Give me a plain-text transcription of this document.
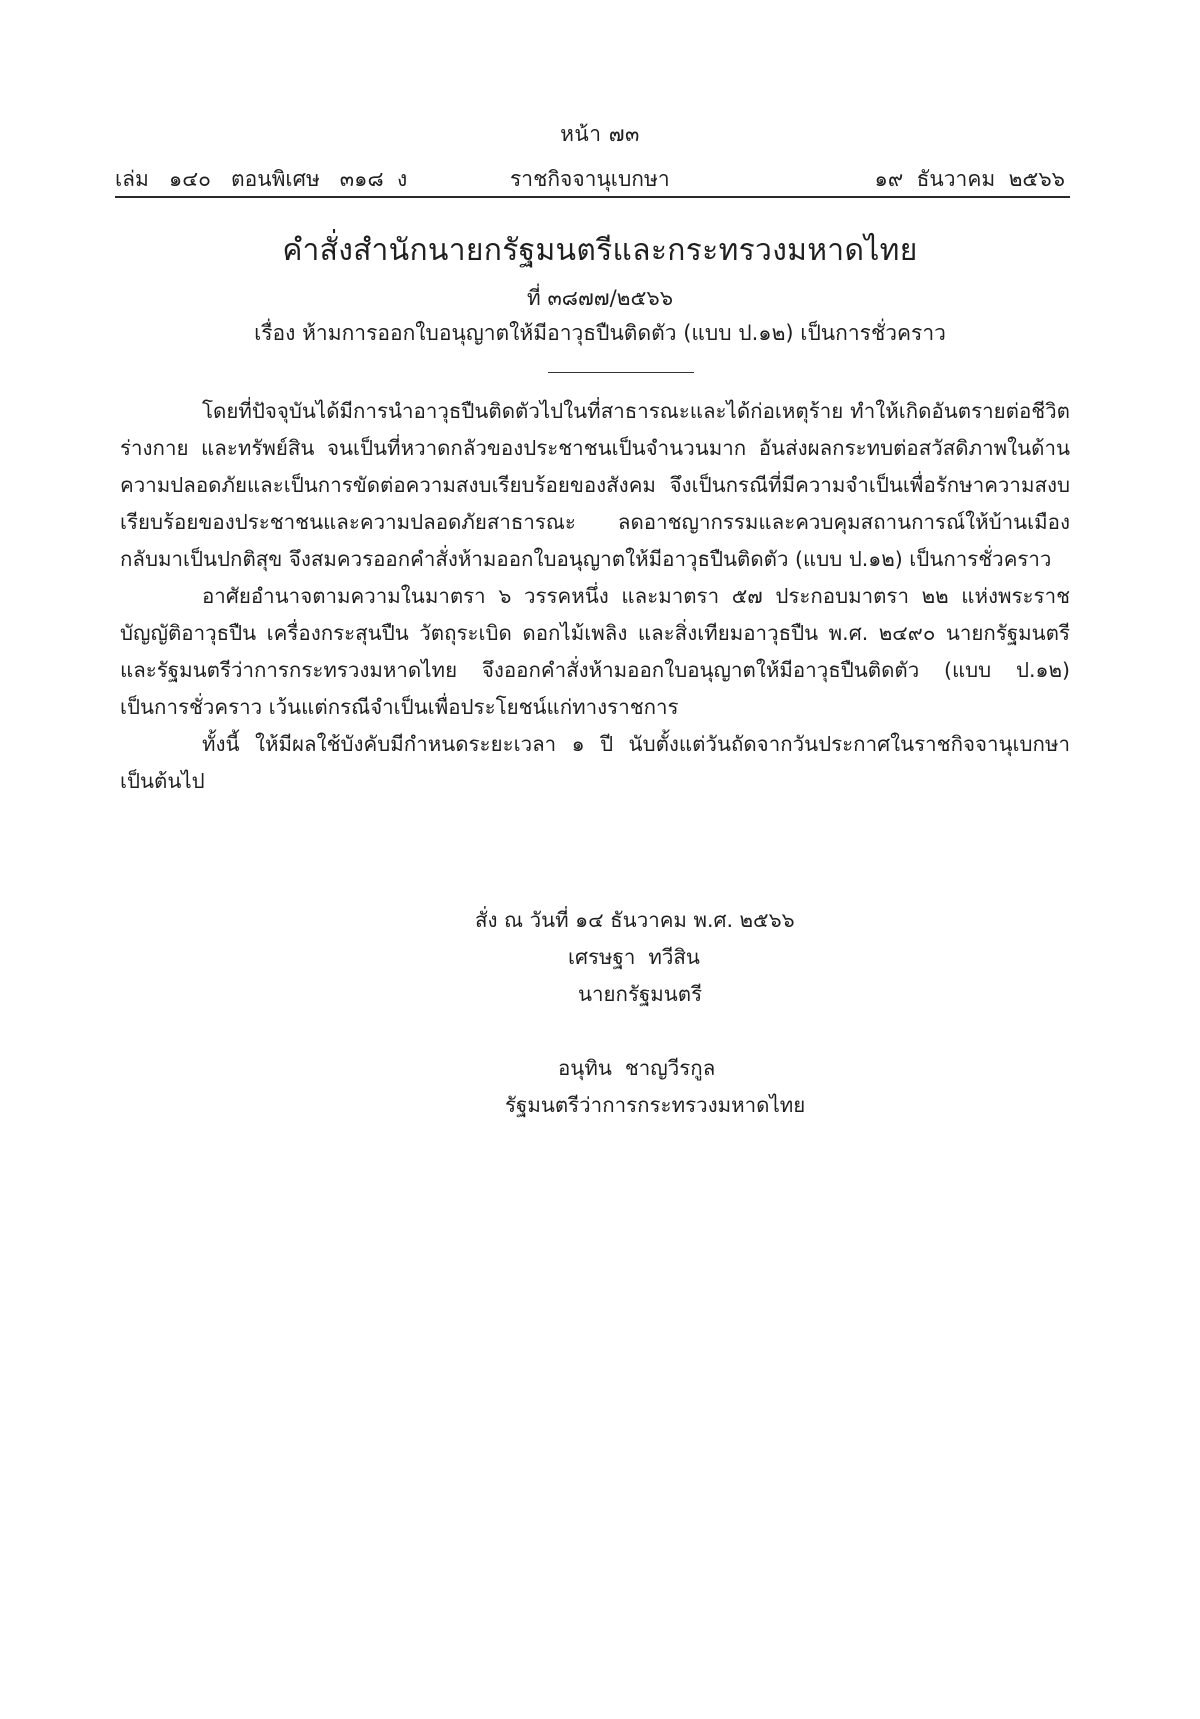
หน้า ๗๓
เล่ม   ๑๔๐   ตอนพิเศษ   ๓๑๘  ง	ราชกิจจานุเบกษา	๑๙  ธันวาคม  ๒๕๖๖
คำสั่งสำนักนายกรัฐมนตรีและกระทรวงมหาดไทย
ที่ ๓๘๗๗/๒๕๖๖
เรื่อง ห้ามการออกใบอนุญาตให้มีอาวุธปืนติดตัว (แบบ ป.๑๒) เป็นการชั่วคราว

โดยที่ปัจจุบันได้มีการนำอาวุธปืนติดตัวไปในที่สาธารณะและได้ก่อเหตุร้าย ทำให้เกิดอันตรายต่อชีวิต ร่างกาย และทรัพย์สิน จนเป็นที่หวาดกลัวของประชาชนเป็นจำนวนมาก อันส่งผลกระทบต่อสวัสดิภาพในด้านความปลอดภัยและเป็นการขัดต่อความสงบเรียบร้อยของสังคม จึงเป็นกรณีที่มีความจำเป็นเพื่อรักษาความสงบเรียบร้อยของประชาชนและความปลอดภัยสาธารณะ ลดอาชญากรรมและควบคุมสถานการณ์ให้บ้านเมืองกลับมาเป็นปกติสุข จึงสมควรออกคำสั่งห้ามออกใบอนุญาตให้มีอาวุธปืนติดตัว (แบบ ป.๑๒) เป็นการชั่วคราว

อาศัยอำนาจตามความในมาตรา ๖ วรรคหนึ่ง และมาตรา ๕๗ ประกอบมาตรา ๒๒ แห่งพระราชบัญญัติอาวุธปืน เครื่องกระสุนปืน วัตถุระเบิด ดอกไม้เพลิง และสิ่งเทียมอาวุธปืน พ.ศ. ๒๔๙๐ นายกรัฐมนตรีและรัฐมนตรีว่าการกระทรวงมหาดไทย จึงออกคำสั่งห้ามออกใบอนุญาตให้มีอาวุธปืนติดตัว (แบบ ป.๑๒) เป็นการชั่วคราว เว้นแต่กรณีจำเป็นเพื่อประโยชน์แก่ทางราชการ

ทั้งนี้ ให้มีผลใช้บังคับมีกำหนดระยะเวลา ๑ ปี นับตั้งแต่วันถัดจากวันประกาศในราชกิจจานุเบกษาเป็นต้นไป

สั่ง ณ วันที่ ๑๔ ธันวาคม พ.ศ. ๒๕๖๖
เศรษฐา  ทวีสิน
นายกรัฐมนตรี
อนุทิน  ชาญวีรกูล
รัฐมนตรีว่าการกระทรวงมหาดไทย
